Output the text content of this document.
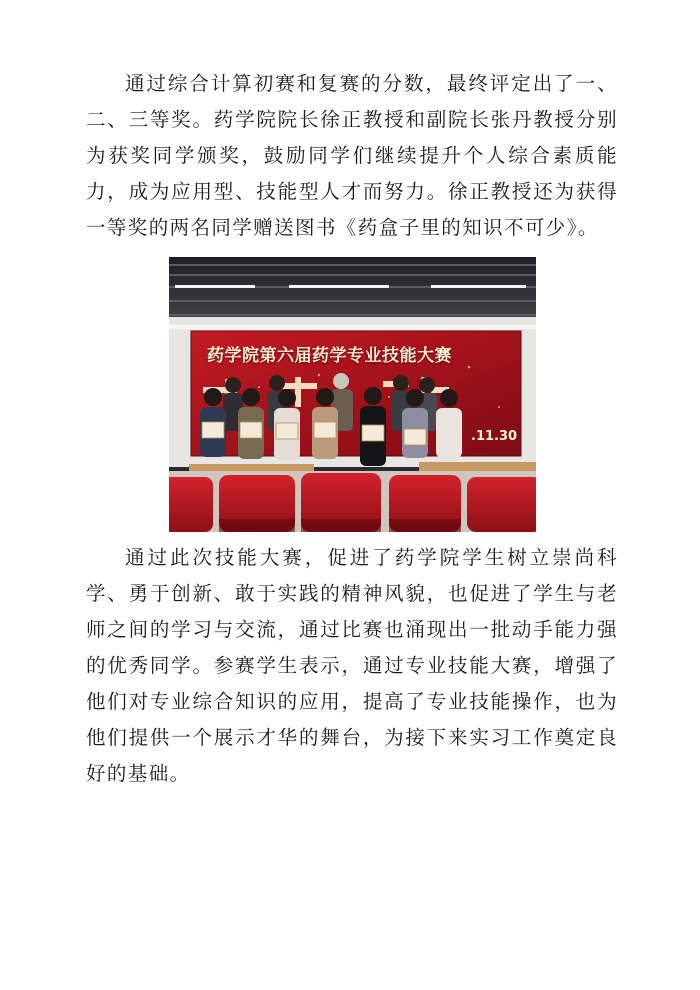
通过综合计算初赛和复赛的分数，最终评定出了一、二、三等奖。药学院院长徐正教授和副院长张丹教授分别为获奖同学颁奖，鼓励同学们继续提升个人综合素质能力，成为应用型、技能型人才而努力。徐正教授还为获得一等奖的两名同学赠送图书《药盒子里的知识不可少》。

药学院第六届药学专业技能大赛
.11.30

通过此次技能大赛，促进了药学院学生树立崇尚科学、勇于创新、敢于实践的精神风貌，也促进了学生与老师之间的学习与交流，通过比赛也涌现出一批动手能力强的优秀同学。参赛学生表示，通过专业技能大赛，增强了他们对专业综合知识的应用，提高了专业技能操作，也为他们提供一个展示才华的舞台，为接下来实习工作奠定良好的基础。
